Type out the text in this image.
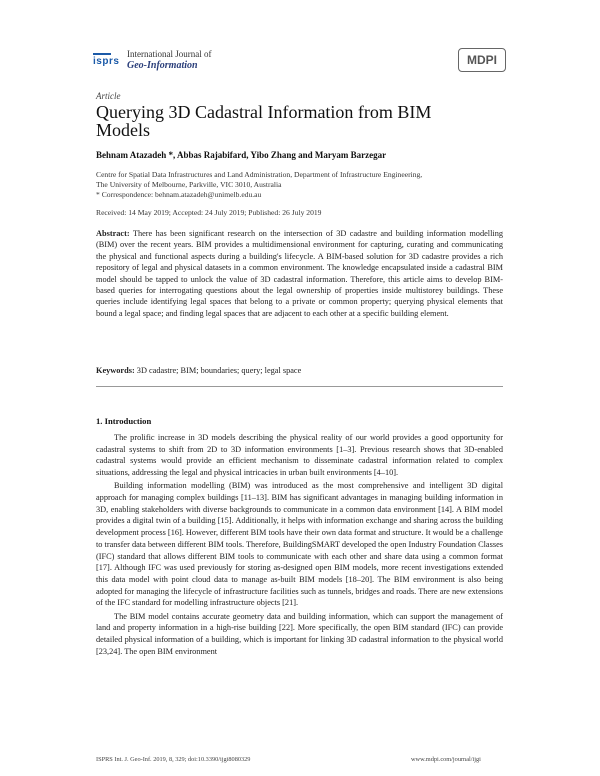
isprs
International Journal of
Geo-Information	MDPI
Article
Querying 3D Cadastral Information from BIM Models
Behnam Atazadeh *, Abbas Rajabifard, Yibo Zhang and Maryam Barzegar
Centre for Spatial Data Infrastructures and Land Administration, Department of Infrastructure Engineering,
The University of Melbourne, Parkville, VIC 3010, Australia
* Correspondence: behnam.atazadeh@unimelb.edu.au
Received: 14 May 2019; Accepted: 24 July 2019; Published: 26 July 2019
Abstract: There has been significant research on the intersection of 3D cadastre and building information modelling (BIM) over the recent years. BIM provides a multidimensional environment for capturing, curating and communicating the physical and functional aspects during a building's lifecycle. A BIM-based solution for 3D cadastre provides a rich repository of legal and physical datasets in a common environment. The knowledge encapsulated inside a cadastral BIM model should be tapped to unlock the value of 3D cadastral information. Therefore, this article aims to develop BIM-based queries for interrogating questions about the legal ownership of properties inside multistorey buildings. These queries include identifying legal spaces that belong to a private or common property; querying physical elements that bound a legal space; and finding legal spaces that are adjacent to each other at a specific building element.
Keywords: 3D cadastre; BIM; boundaries; query; legal space
1. Introduction

The prolific increase in 3D models describing the physical reality of our world provides a good opportunity for cadastral systems to shift from 2D to 3D information environments [1–3]. Previous research shows that 3D-enabled cadastral systems would provide an efficient mechanism to disseminate cadastral information related to complex situations, addressing the legal and physical intricacies in urban built environments [4–10].

Building information modelling (BIM) was introduced as the most comprehensive and intelligent 3D digital approach for managing complex buildings [11–13]. BIM has significant advantages in managing building information in 3D, enabling stakeholders with diverse backgrounds to communicate in a common data environment [14]. A BIM model provides a digital twin of a building [15]. Additionally, it helps with information exchange and sharing across the building development process [16]. However, different BIM tools have their own data format and structure. It would be a challenge to transfer data between different BIM tools. Therefore, BuildingSMART developed the open Industry Foundation Classes (IFC) standard that allows different BIM tools to communicate with each other and share data using a common format [17]. Although IFC was used previously for storing as-designed open BIM models, more recent investigations extended this data model with point cloud data to manage as-built BIM models [18–20]. The BIM environment is also being adopted for managing the lifecycle of infrastructure facilities such as tunnels, bridges and roads. There are new extensions of the IFC standard for modelling infrastructure objects [21].

The BIM model contains accurate geometry data and building information, which can support the management of land and property information in a high-rise building [22]. More specifically, the open BIM standard (IFC) can provide detailed physical information of a building, which is important for linking 3D cadastral information to the physical world [23,24]. The open BIM environment

ISPRS Int. J. Geo-Inf. 2019, 8, 329; doi:10.3390/ijgi8080329	www.mdpi.com/journal/ijgi
